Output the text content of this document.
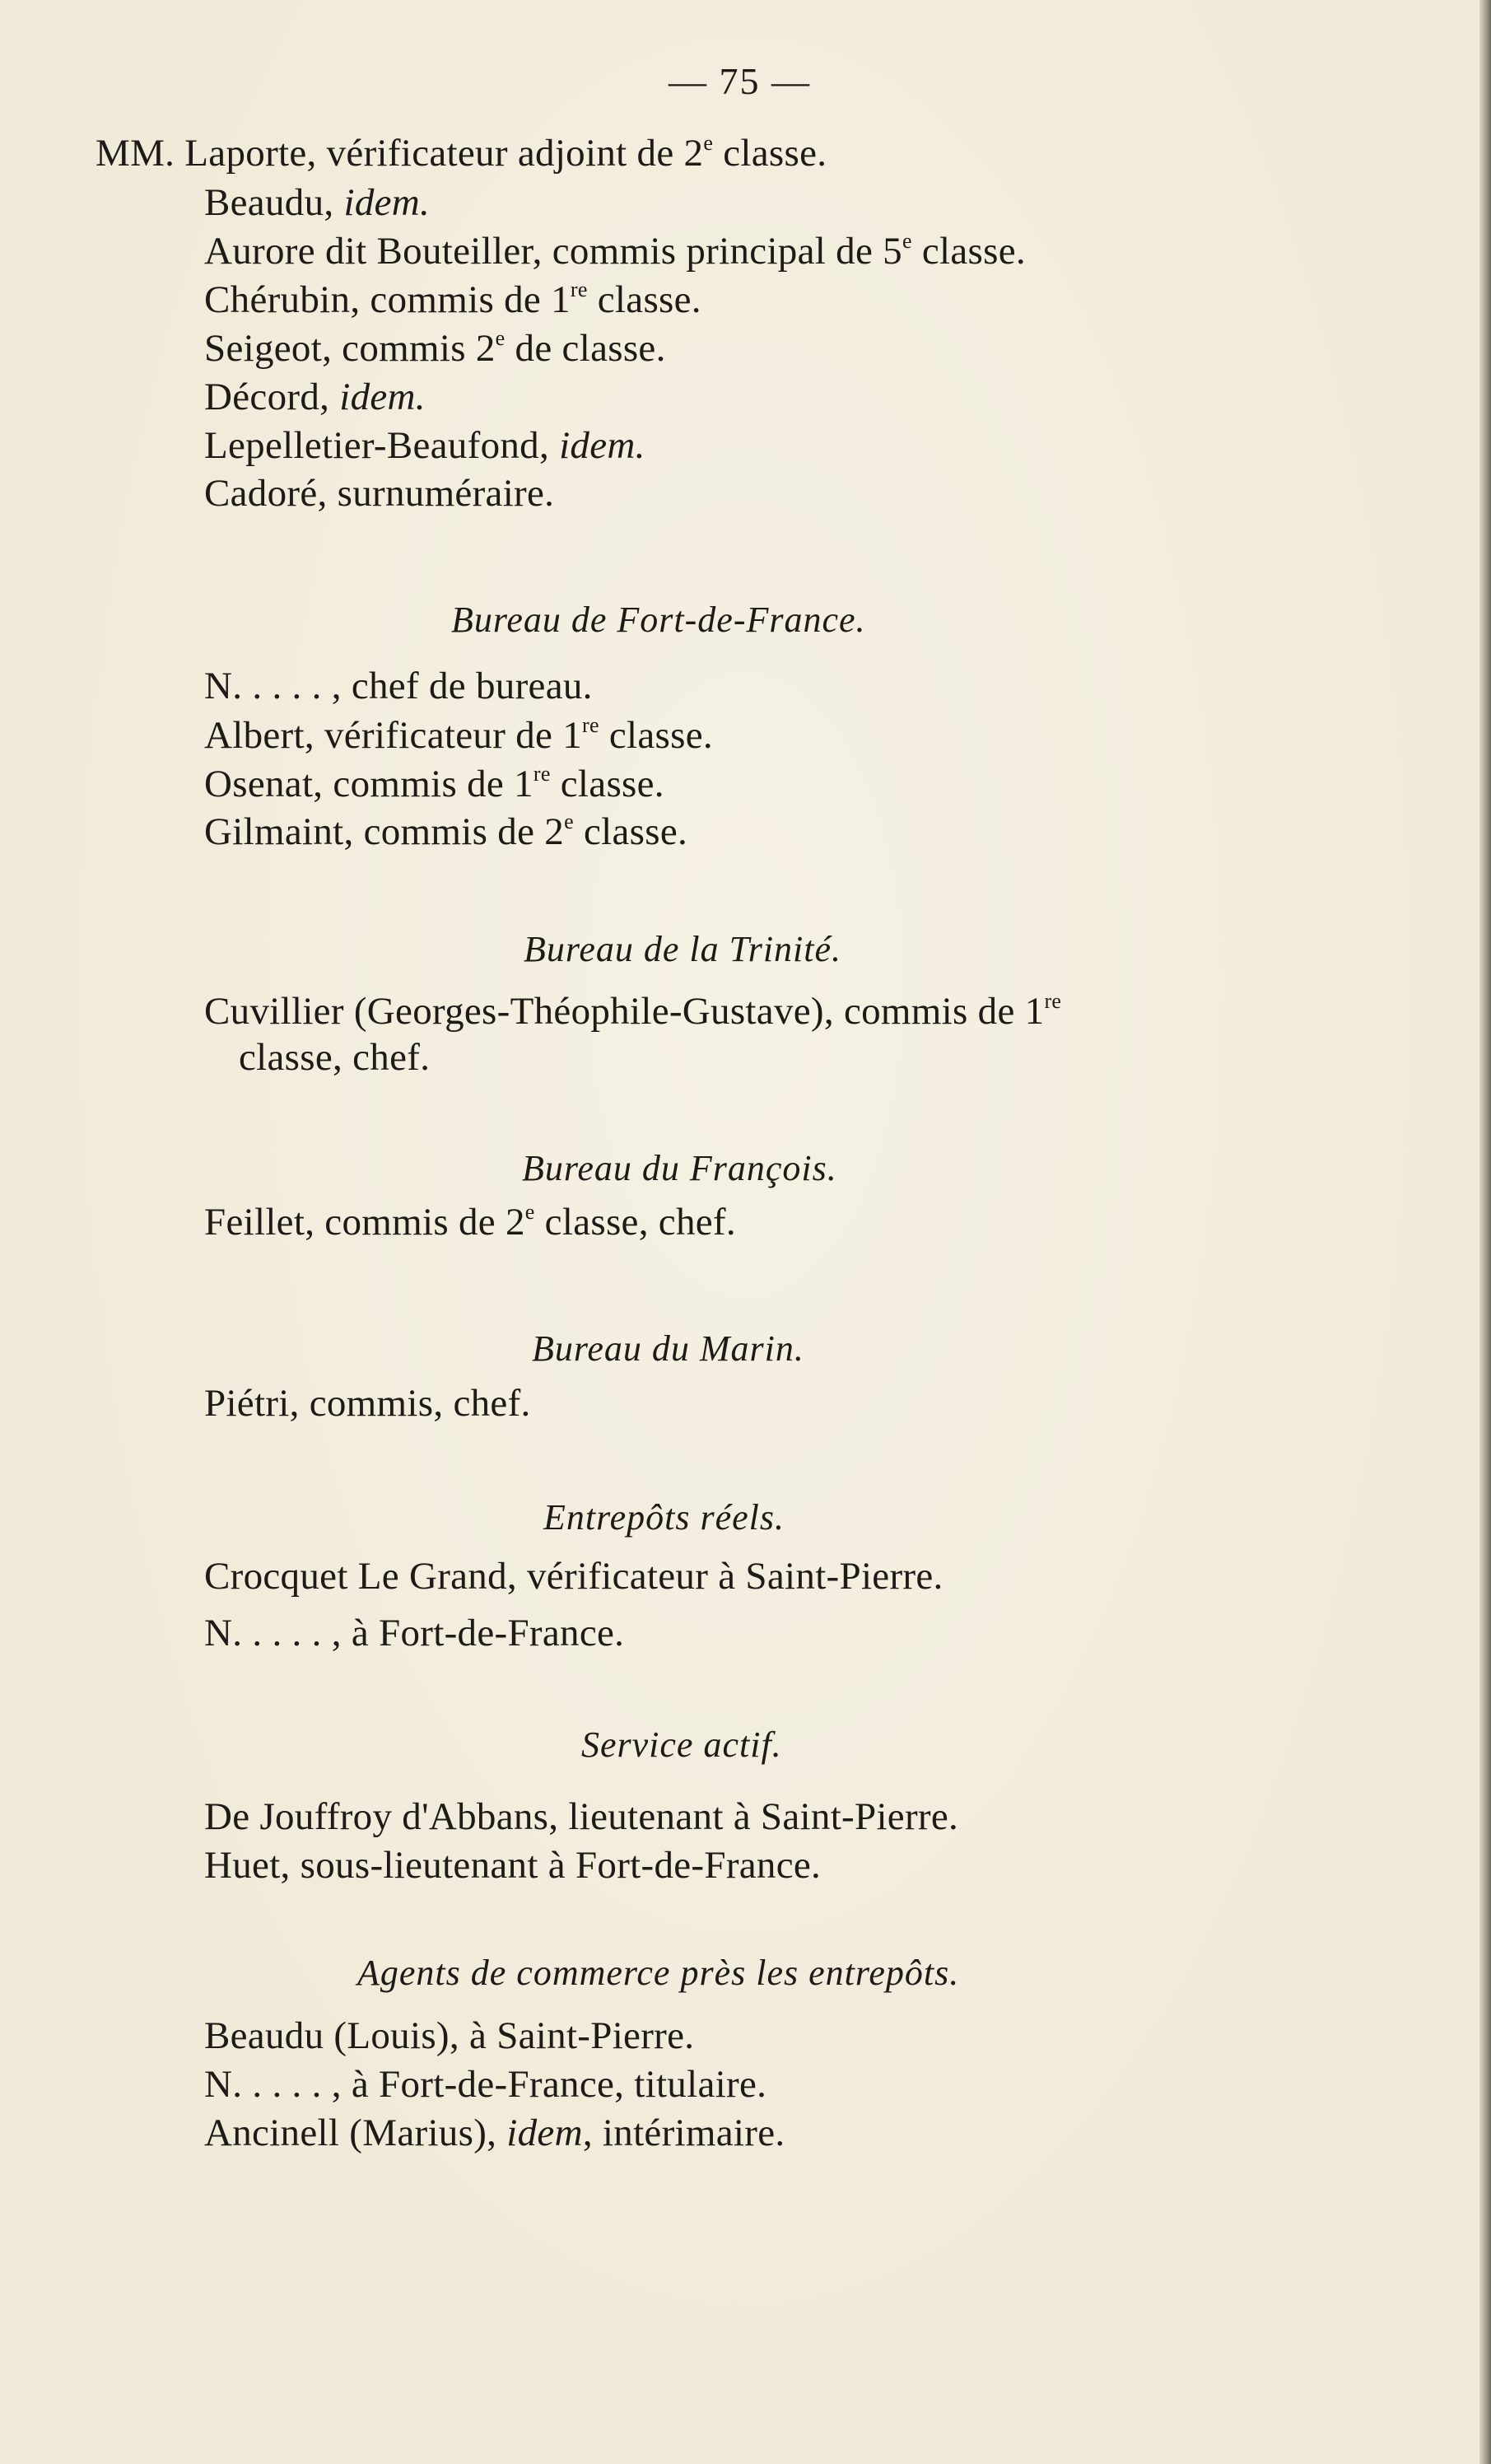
— 75 —
MM. Laporte, vérificateur adjoint de 2e classe.
Beaudu, idem.
Aurore dit Bouteiller, commis principal de 5e classe.
Chérubin, commis de 1re classe.
Seigeot, commis 2e de classe.
Décord, idem.
Lepelletier-Beaufond, idem.
Cadoré, surnuméraire.
Bureau de Fort-de-France.
N. . . . . , chef de bureau.
Albert, vérificateur de 1re classe.
Osenat, commis de 1re classe.
Gilmaint, commis de 2e classe.
Bureau de la Trinité.
Cuvillier (Georges-Théophile-Gustave), commis de 1re
classe, chef.
Bureau du François.
Feillet, commis de 2e classe, chef.
Bureau du Marin.
Piétri, commis, chef.
Entrepôts réels.
Crocquet Le Grand, vérificateur à Saint-Pierre.
N. . . . . , à Fort-de-France.
Service actif.
De Jouffroy d'Abbans, lieutenant à Saint-Pierre.
Huet, sous-lieutenant à Fort-de-France.
Agents de commerce près les entrepôts.
Beaudu (Louis), à Saint-Pierre.
N. . . . . , à Fort-de-France, titulaire.
Ancinell (Marius), idem, intérimaire.
